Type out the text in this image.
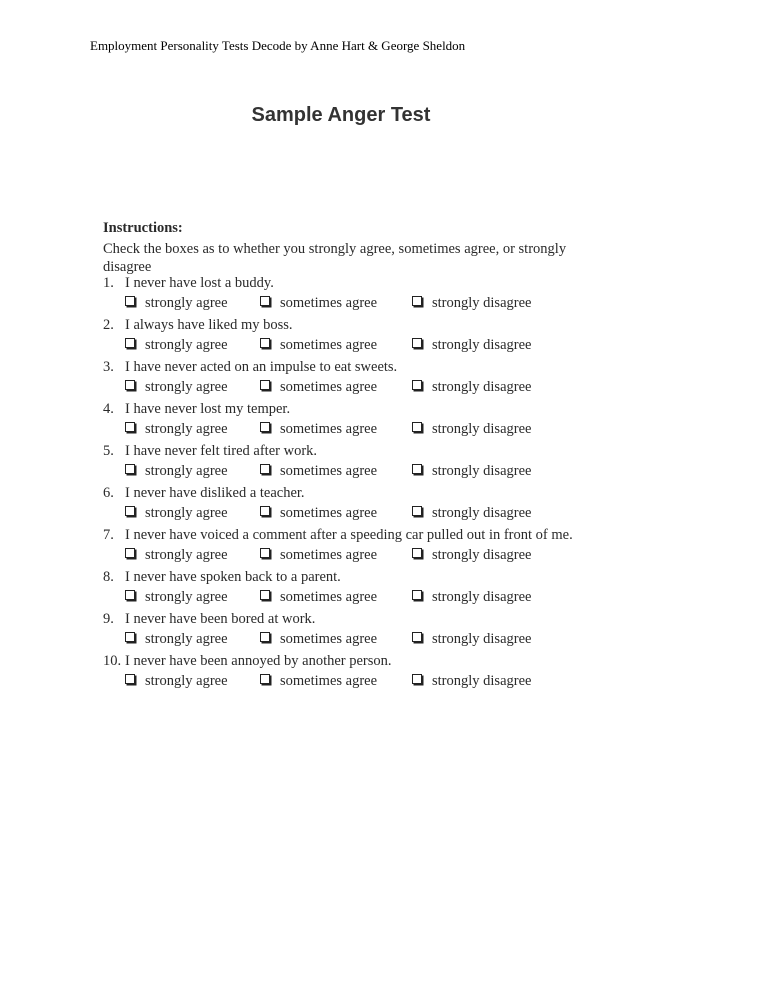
Employment Personality Tests Decode by Anne Hart & George Sheldon
Sample Anger Test
Instructions:
Check the boxes as to whether you strongly agree, sometimes agree, or strongly disagree
1. I never have lost a buddy.
strongly agree	sometimes agree	strongly disagree
2. I always have liked my boss.
strongly agree	sometimes agree	strongly disagree
3. I have never acted on an impulse to eat sweets.
strongly agree	sometimes agree	strongly disagree
4. I have never lost my temper.
strongly agree	sometimes agree	strongly disagree
5. I have never felt tired after work.
strongly agree	sometimes agree	strongly disagree
6. I never have disliked a teacher.
strongly agree	sometimes agree	strongly disagree
7. I never have voiced a comment after a speeding car pulled out in front of me.
strongly agree	sometimes agree	strongly disagree
8. I never have spoken back to a parent.
strongly agree	sometimes agree	strongly disagree
9. I never have been bored at work.
strongly agree	sometimes agree	strongly disagree
10. I never have been annoyed by another person.
strongly agree	sometimes agree	strongly disagree
